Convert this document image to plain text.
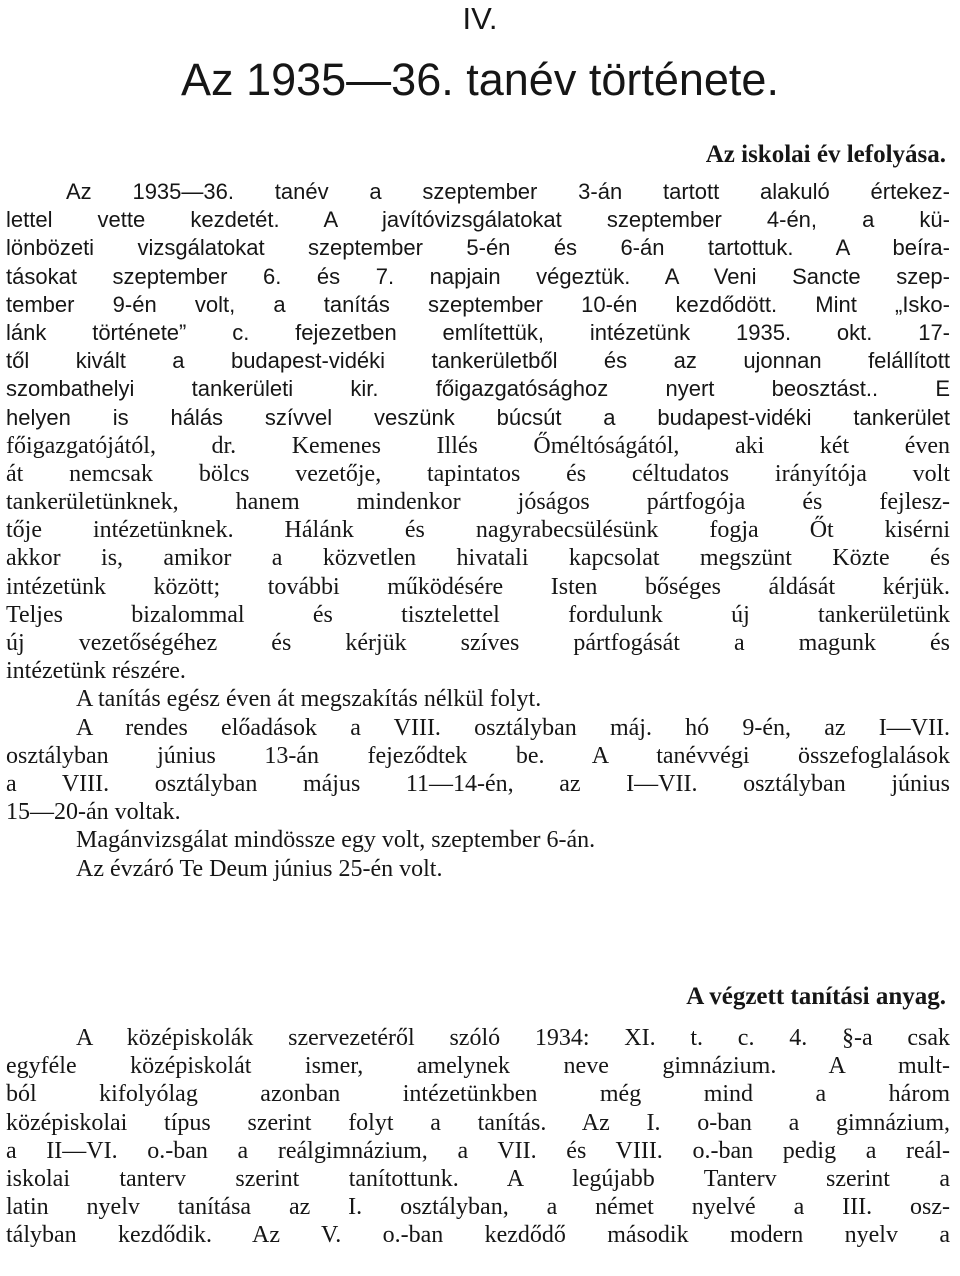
IV.
Az 1935—36. tanév története.
Az iskolai év lefolyása.
Az 1935—36. tanév a szeptember 3-án tartott alakuló értekez-
lettel vette kezdetét. A javítóvizsgálatokat szeptember 4-én, a kü-
lönbözeti vizsgálatokat szeptember 5-én és 6-án tartottuk. A beíra-
tásokat szeptember 6. és 7. napjain végeztük. A Veni Sancte szep-
tember 9-én volt, a tanítás szeptember 10-én kezdődött. Mint „Isko-
lánk története” c. fejezetben említettük, intézetünk 1935. okt. 17-
től kivált a budapest-vidéki tankerületből és az ujonnan felállított
szombathelyi tankerületi kir. főigazgatósághoz nyert beosztást.. E
helyen is hálás szívvel veszünk búcsút a budapest-vidéki tankerület
főigazgatójától, dr. Kemenes Illés Őméltóságától, aki két éven
át nemcsak bölcs vezetője, tapintatos és céltudatos irányítója volt
tankerületünknek, hanem mindenkor jóságos pártfogója és fejlesz-
tője intézetünknek. Hálánk és nagyrabecsülésünk fogja Őt kisérni
akkor is, amikor a közvetlen hivatali kapcsolat megszünt Közte és
intézetünk között; további működésére Isten bőséges áldását kérjük.
Teljes bizalommal és tisztelettel fordulunk új tankerületünk
új vezetőségéhez és kérjük szíves pártfogását a magunk és
intézetünk részére.
A tanítás egész éven át megszakítás nélkül folyt.
A rendes előadások a VIII. osztályban máj. hó 9-én, az I—VII.
osztályban június 13-án fejeződtek be. A tanévvégi összefoglalások
a VIII. osztályban május 11—14-én, az I—VII. osztályban június
15—20-án voltak.
Magánvizsgálat mindössze egy volt, szeptember 6-án.
Az évzáró Te Deum június 25-én volt.
A végzett tanítási anyag.
A középiskolák szervezetéről szóló 1934: XI. t. c. 4. §-a csak
egyféle középiskolát ismer, amelynek neve gimnázium. A mult-
ból kifolyólag azonban intézetünkben még mind a három
középiskolai típus szerint folyt a tanítás. Az I. o-ban a gimnázium,
a II—VI. o.-ban a reálgimnázium, a VII. és VIII. o.-ban pedig a reál-
iskolai tanterv szerint tanítottunk. A legújabb Tanterv szerint a
latin nyelv tanítása az I. osztályban, a német nyelvé a III. osz-
tályban kezdődik. Az V. o.-ban kezdődő második modern nyelv a
